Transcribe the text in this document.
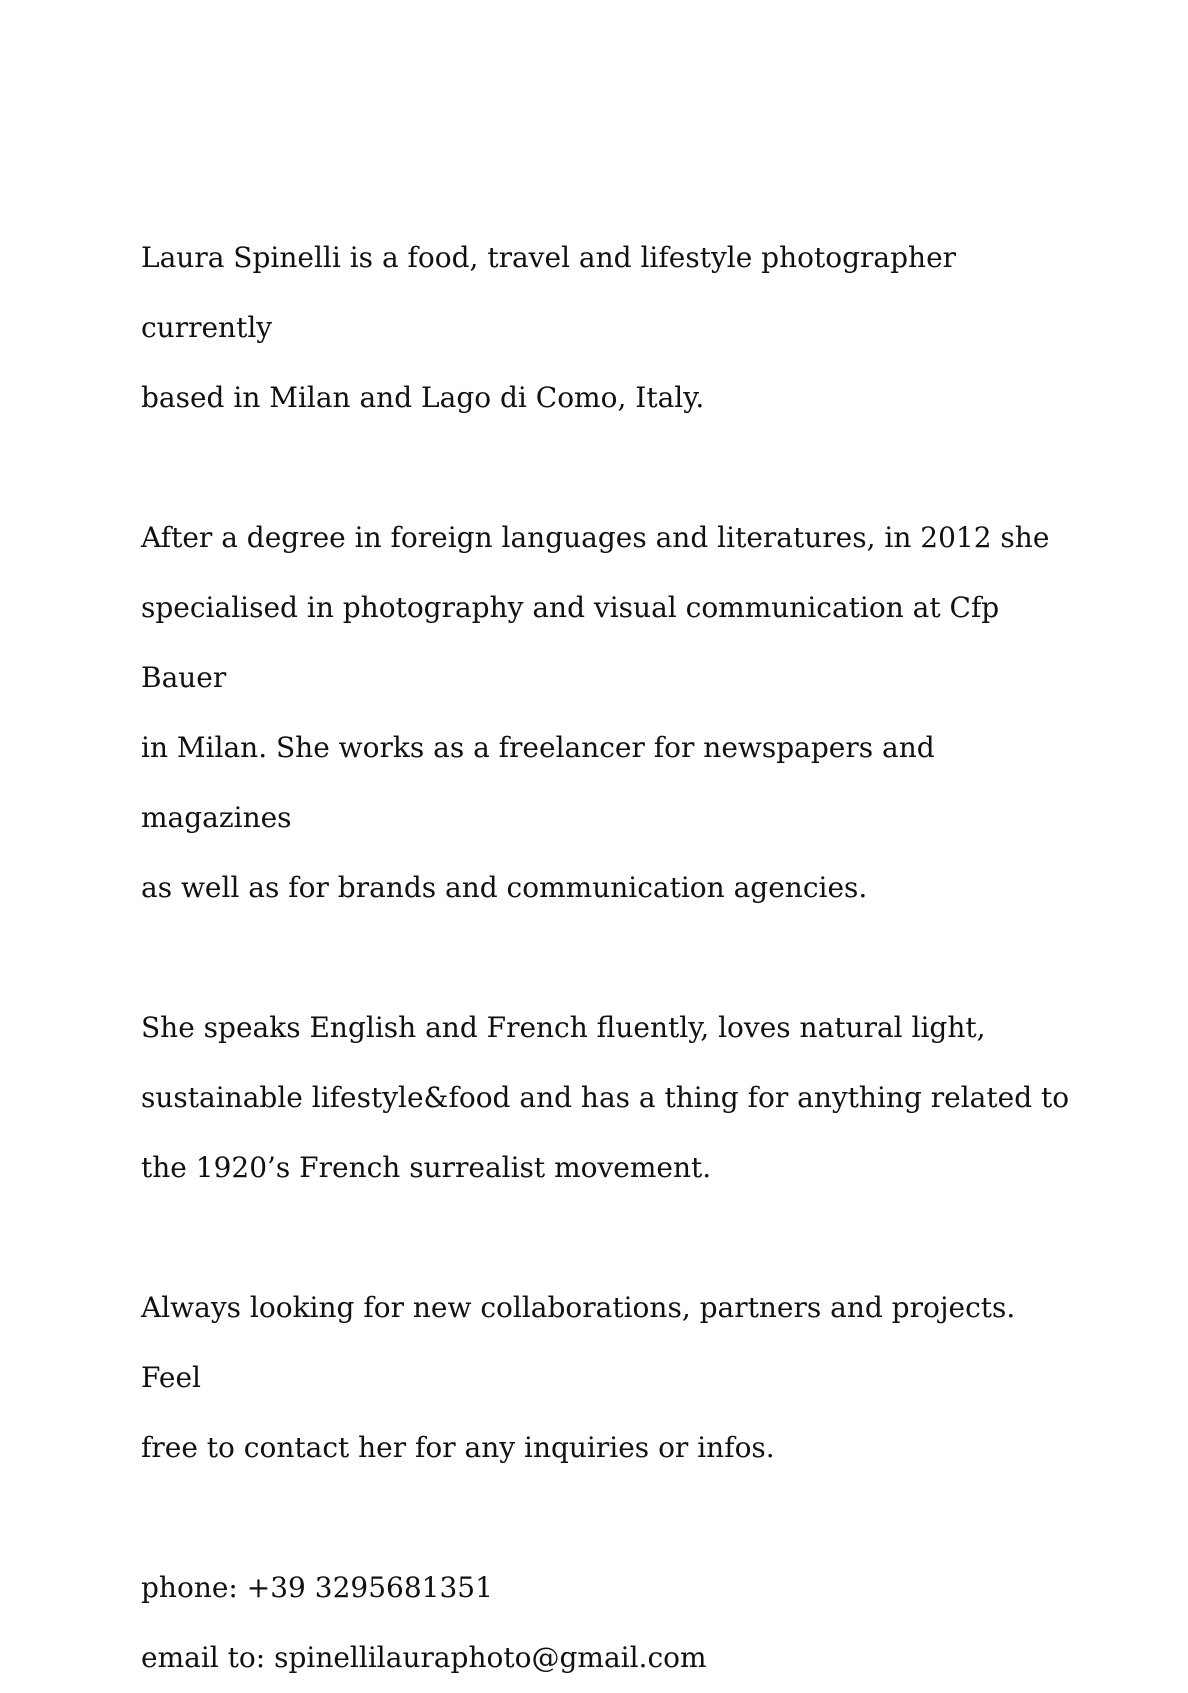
Laura Spinelli is a food, travel and lifestyle photographer currently
based in Milan and Lago di Como, Italy.

After a degree in foreign languages and literatures, in 2012 she
specialised in photography and visual communication at Cfp Bauer
in Milan. She works as a freelancer for newspapers and magazines
as well as for brands and communication agencies.

She speaks English and French fluently, loves natural light,
sustainable lifestyle&food and has a thing for anything related to
the 1920’s French surrealist movement.

Always looking for new collaborations, partners and projects. Feel
free to contact her for any inquiries or infos.

phone: +39 3295681351

email to: spinellilauraphoto@gmail.com
